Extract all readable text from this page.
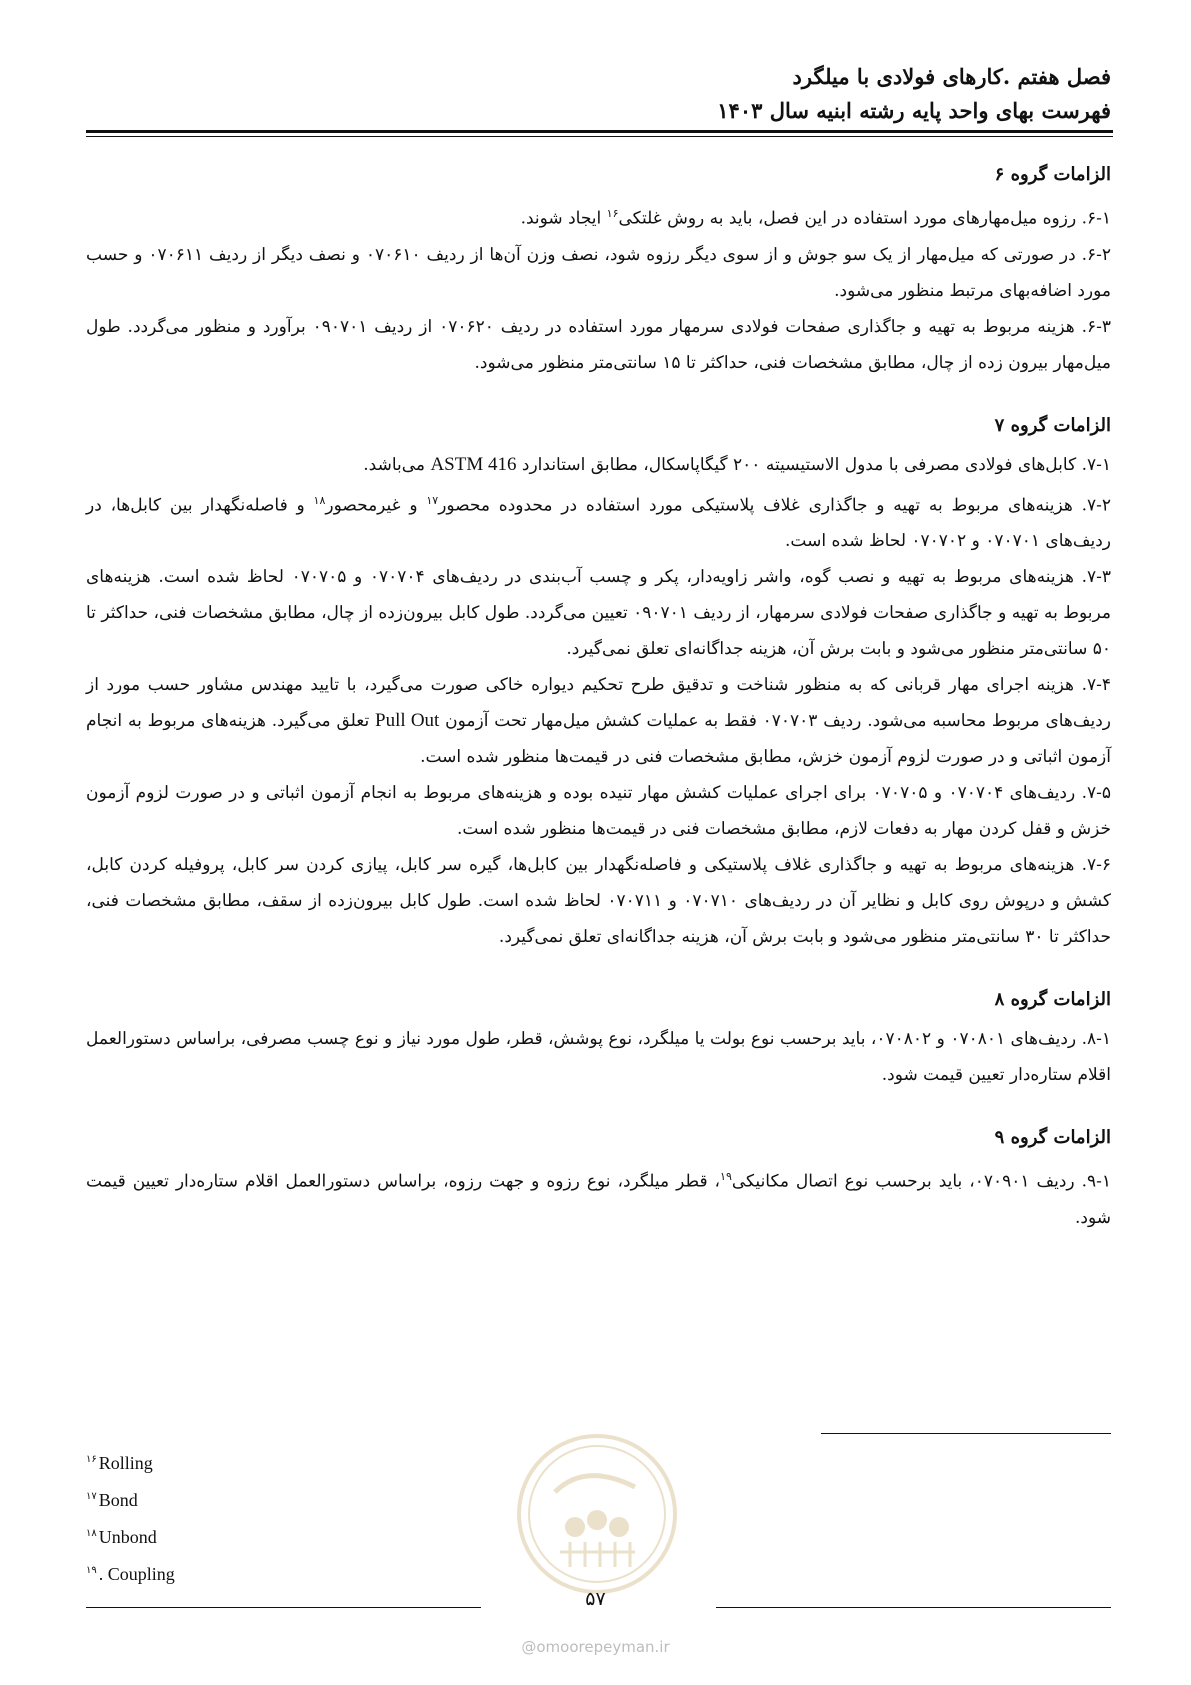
فصل هفتم .کارهای فولادی با میلگرد
فهرست بهای واحد پایه رشته ابنیه سال ۱۴۰۳
الزامات گروه ۶

۶-۱. رزوه میل‌مهارهای مورد استفاده در این فصل، باید به روش غلتکی$^{۱۶}$ ایجاد شوند.

۶-۲. در صورتی که میل‌مهار از یک سو جوش و از سوی دیگر رزوه شود، نصف وزن آن‌ها از ردیف ۰۷۰۶۱۰ و نصف دیگر از ردیف ۰۷۰۶۱۱ و حسب مورد اضافه‌بهای مرتبط منظور می‌شود.

۶-۳. هزینه مربوط به تهیه و جاگذاری صفحات فولادی سرمهار مورد استفاده در ردیف ۰۷۰۶۲۰ از ردیف ۰۹۰۷۰۱ برآورد و منظور می‌گردد. طول میل‌مهار بیرون زده از چال، مطابق مشخصات فنی، حداکثر تا ۱۵ سانتی‌متر منظور می‌شود.

الزامات گروه ۷

۷-۱. کابل‌های فولادی مصرفی با مدول الاستیسیته ۲۰۰ گیگاپاسکال، مطابق استاندارد ASTM 416 می‌باشد.

۷-۲. هزینه‌های مربوط به تهیه و جاگذاری غلاف پلاستیکی مورد استفاده در محدوده محصور$^{۱۷}$ و غیرمحصور$^{۱۸}$ و فاصله‌نگهدار بین کابل‌ها، در ردیف‌های ۰۷۰۷۰۱ و ۰۷۰۷۰۲ لحاظ شده است.

۷-۳. هزینه‌های مربوط به تهیه و نصب گوه، واشر زاویه‌دار، پکر و چسب آب‌بندی در ردیف‌های ۰۷۰۷۰۴ و ۰۷۰۷۰۵ لحاظ شده است. هزینه‌های مربوط به تهیه و جاگذاری صفحات فولادی سرمهار، از ردیف ۰۹۰۷۰۱ تعیین می‌گردد. طول کابل بیرون‌زده از چال، مطابق مشخصات فنی، حداکثر تا ۵۰ سانتی‌متر منظور می‌شود و بابت برش آن، هزینه جداگانه‌ای تعلق نمی‌گیرد.

۷-۴. هزینه اجرای مهار قربانی که به منظور شناخت و تدقیق طرح تحکیم دیواره خاکی صورت می‌گیرد، با تایید مهندس مشاور حسب مورد از ردیف‌های مربوط محاسبه می‌شود. ردیف ۰۷۰۷۰۳ فقط به عملیات کشش میل‌مهار تحت آزمون Pull Out تعلق می‌گیرد. هزینه‌های مربوط به انجام آزمون اثباتی و در صورت لزوم آزمون خزش، مطابق مشخصات فنی در قیمت‌ها منظور شده است.

۷-۵. ردیف‌های ۰۷۰۷۰۴ و ۰۷۰۷۰۵ برای اجرای عملیات کشش مهار تنیده بوده و هزینه‌های مربوط به انجام آزمون اثباتی و در صورت لزوم آزمون خزش و قفل کردن مهار به دفعات لازم، مطابق مشخصات فنی در قیمت‌ها منظور شده است.

۷-۶. هزینه‌های مربوط به تهیه و جاگذاری غلاف پلاستیکی و فاصله‌نگهدار بین کابل‌ها، گیره سر کابل، پیازی کردن سر کابل، پروفیله کردن کابل، کشش و درپوش روی کابل و نظایر آن در ردیف‌های ۰۷۰۷۱۰ و ۰۷۰۷۱۱ لحاظ شده است. طول کابل بیرون‌زده از سقف، مطابق مشخصات فنی، حداکثر تا ۳۰ سانتی‌متر منظور می‌شود و بابت برش آن، هزینه جداگانه‌ای تعلق نمی‌گیرد.

الزامات گروه ۸

۸-۱. ردیف‌های ۰۷۰۸۰۱ و ۰۷۰۸۰۲، باید برحسب نوع بولت یا میلگرد، نوع پوشش، قطر، طول مورد نیاز و نوع چسب مصرفی، براساس دستورالعمل اقلام ستاره‌دار تعیین قیمت شود.

الزامات گروه ۹

۹-۱. ردیف ۰۷۰۹۰۱، باید برحسب نوع اتصال مکانیکی$^{۱۹}$، قطر میلگرد، نوع رزوه و جهت رزوه، براساس دستورالعمل اقلام ستاره‌دار تعیین قیمت شود.

$^{۱۶}$ Rolling
$^{۱۷}$ Bond
$^{۱۸}$ Unbond
$^{۱۹}$ . Coupling
۵۷
@omoorepeyman.ir
